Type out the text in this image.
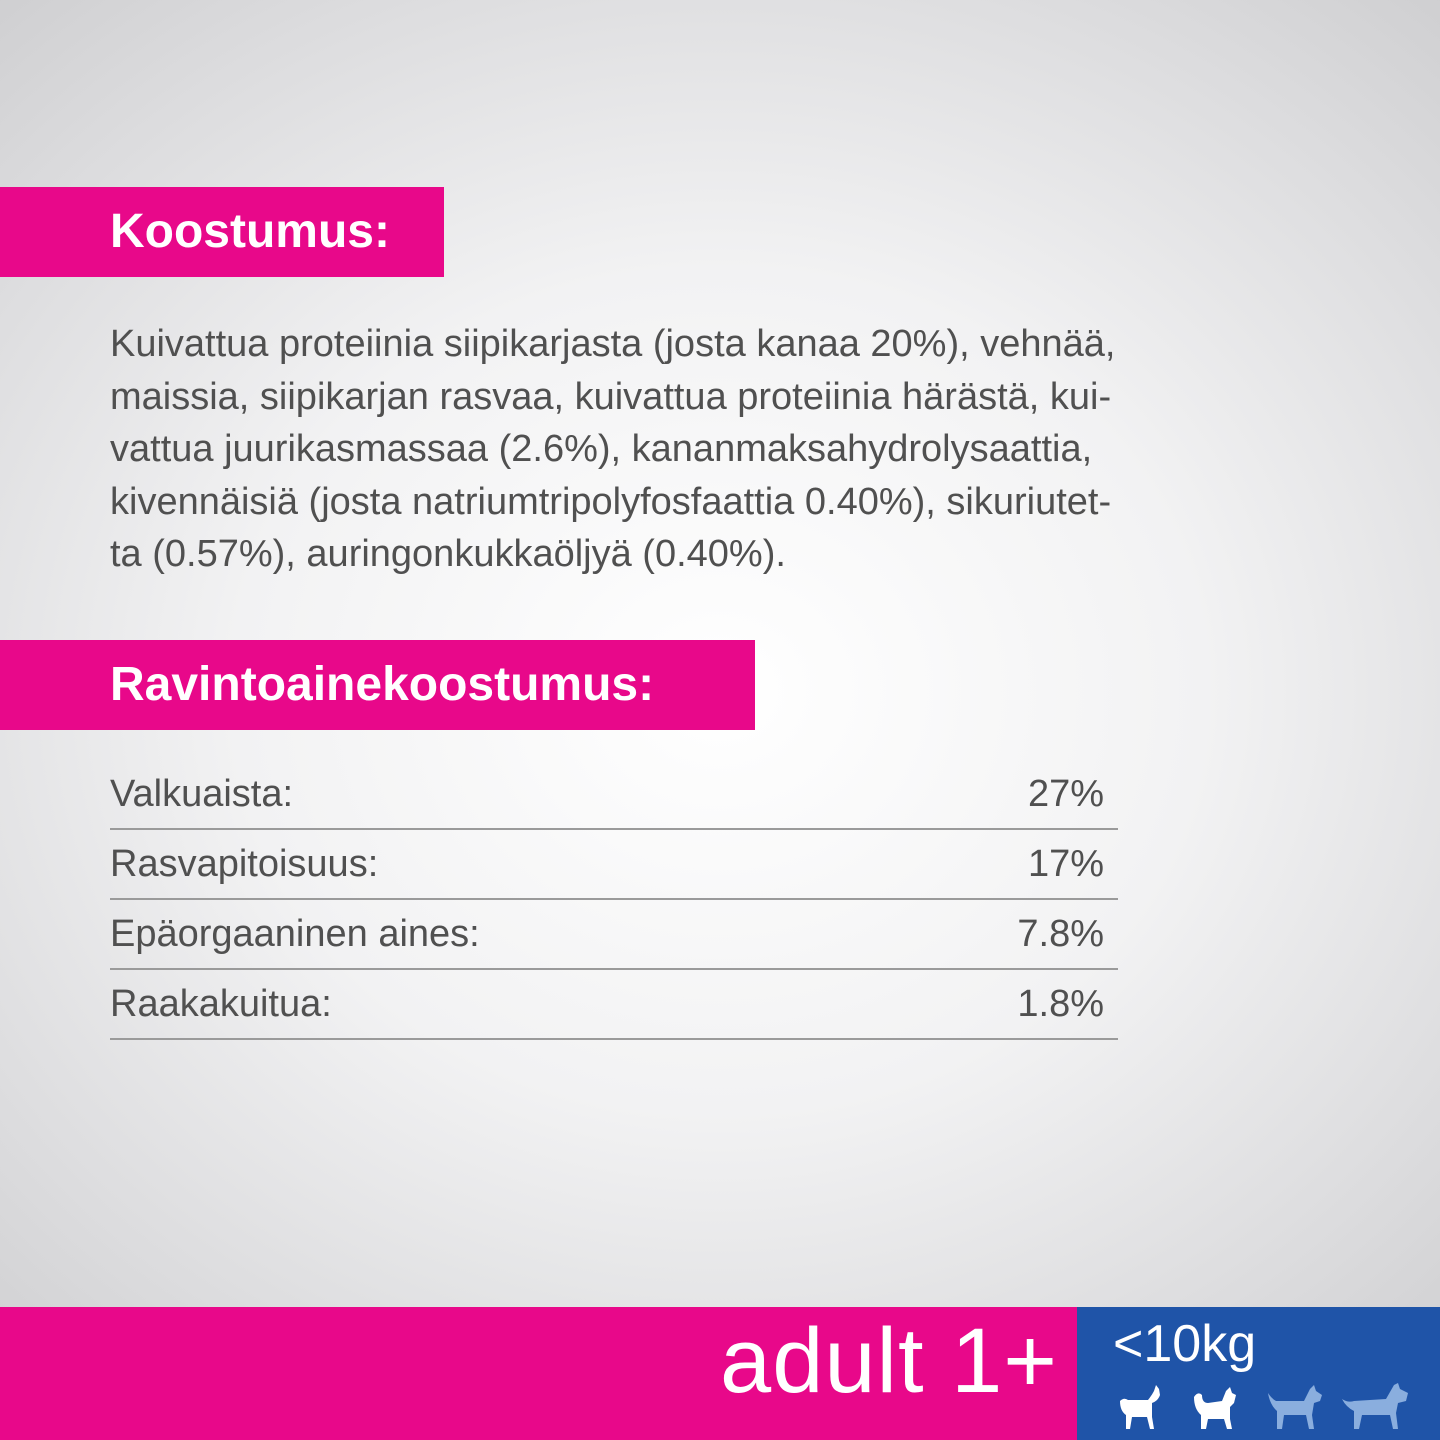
Koostumus:

Kuivattua proteiinia siipikarjasta (josta kanaa 20%), vehnää,
maissia, siipikarjan rasvaa, kuivattua proteiinia härästä, kui-
vattua juurikasmassaa (2.6%), kananmaksahydrolysaattia,
kivennäisiä (josta natriumtripolyfosfaattia 0.40%), sikuriutet-
ta (0.57%), auringonkukkaöljyä (0.40%).

Ravintoainekoostumus:
Valkuaista:	27%
Rasvapitoisuus:	17%
Epäorgaaninen aines:	7.8%
Raakakuitua:	1.8%
adult 1+ <10kg
